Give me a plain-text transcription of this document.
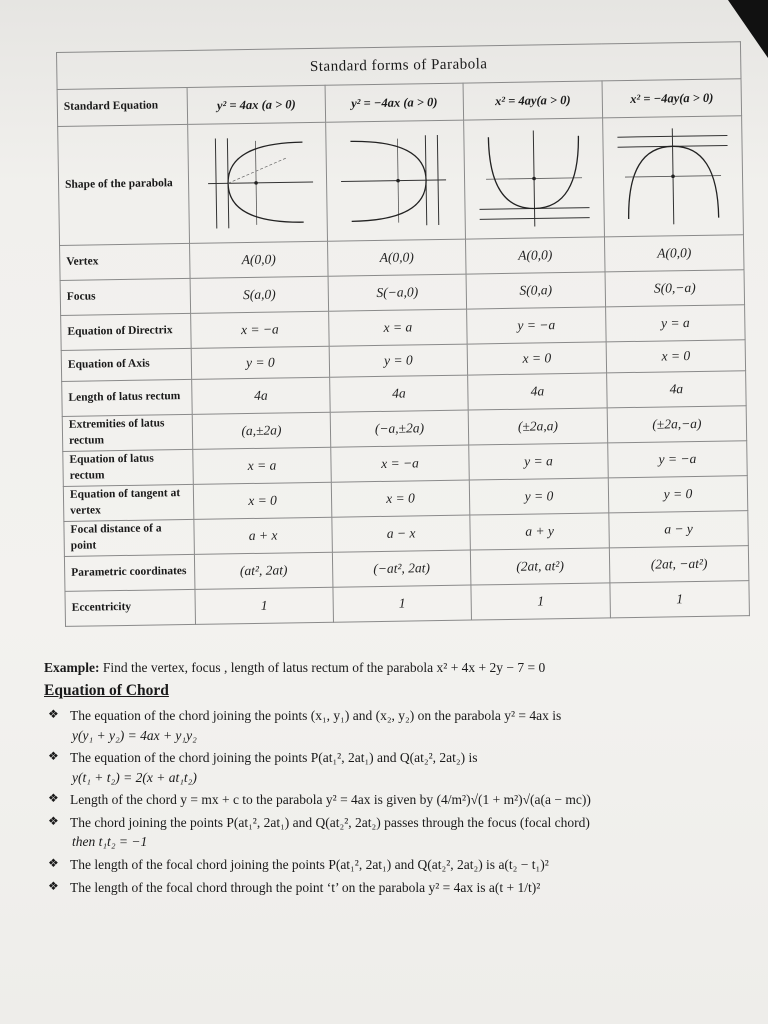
Standard forms of Parabola				
Standard Equation	y² = 4ax (a > 0)	y² = −4ax (a > 0)	x² = 4ay(a > 0)	x² = −4ay(a > 0)
Shape of the parabola	

Vertex	A(0,0)	A(0,0)	A(0,0)	A(0,0)
Focus	S(a,0)	S(−a,0)	S(0,a)	S(0,−a)
Equation of Directrix	x = −a	x = a	y = −a	y = a
Equation of Axis	y = 0	y = 0	x = 0	x = 0
Length of latus rectum	4a	4a	4a	4a
Extremities of latus rectum	(a,±2a)	(−a,±2a)	(±2a,a)	(±2a,−a)
Equation of latus rectum	x = a	x = −a	y = a	y = −a
Equation of tangent at vertex	x = 0	x = 0	y = 0	y = 0
Focal distance of a point	a + x	a − x	a + y	a − y
Parametric coordinates	(at², 2at)	(−at², 2at)	(2at, at²)	(2at, −at²)
Eccentricity	1	1	1	1
Example: Find the vertex, focus , length of latus rectum of the parabola x² + 4x + 2y − 7 = 0
Equation of Chord
❖ The equation of the chord joining the points (x₁, y₁) and (x₂, y₂) on the parabola y² = 4ax is
y(y₁ + y₂) = 4ax + y₁y₂
❖ The equation of the chord joining the points P(at₁², 2at₁) and Q(at₂², 2at₂) is
y(t₁ + t₂) = 2(x + at₁t₂)
❖ Length of the chord y = mx + c to the parabola y² = 4ax is given by (4/m²)√(1 + m²)√(a(a − mc))
❖ The chord joining the points P(at₁², 2at₁) and Q(at₂², 2at₂) passes through the focus (focal chord)
then t₁t₂ = −1
❖ The length of the focal chord joining the points P(at₁², 2at₁) and Q(at₂², 2at₂) is a(t₂ − t₁)²
❖ The length of the focal chord through the point ‘t’ on the parabola y² = 4ax is a(t + 1/t)²
